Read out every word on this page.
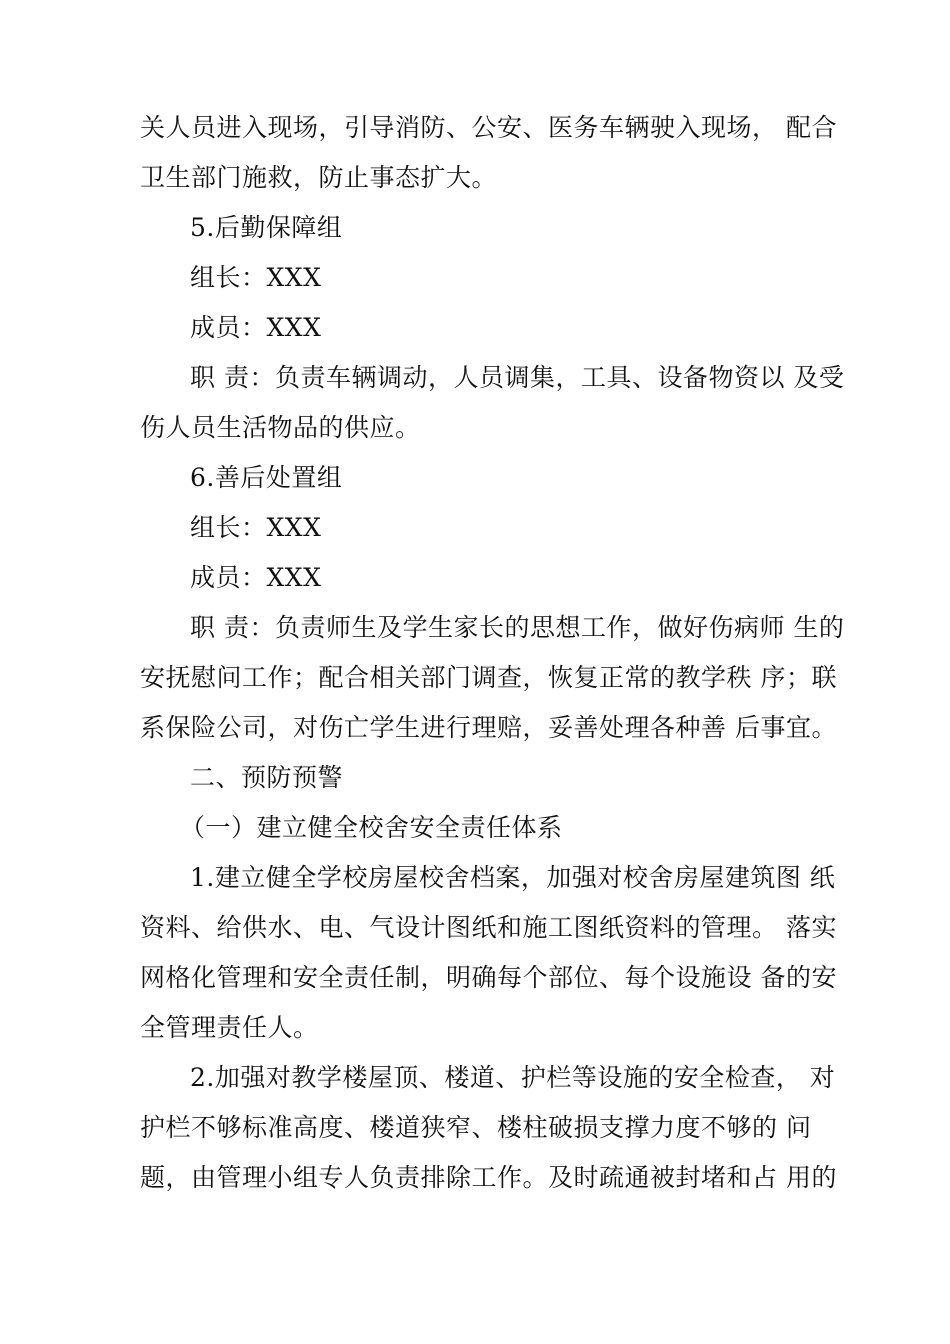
关人员进入现场，引导消防、公安、医务车辆驶入现场， 配合
卫生部门施救，防止事态扩大。
5.后勤保障组
组长：XXX
成员：XXX
职 责：负责车辆调动，人员调集，工具、设备物资以 及受
伤人员生活物品的供应。
6.善后处置组
组长：XXX
成员：XXX
职 责：负责师生及学生家长的思想工作，做好伤病师 生的
安抚慰问工作；配合相关部门调查，恢复正常的教学秩 序；联
系保险公司，对伤亡学生进行理赔，妥善处理各种善 后事宜。
二、预防预警
（一）建立健全校舍安全责任体系
1.建立健全学校房屋校舍档案，加强对校舍房屋建筑图 纸
资料、给供水、电、气设计图纸和施工图纸资料的管理。 落实
网格化管理和安全责任制，明确每个部位、每个设施设 备的安
全管理责任人。
2.加强对教学楼屋顶、楼道、护栏等设施的安全检查， 对
护栏不够标准高度、楼道狭窄、楼柱破损支撑力度不够的 问
题，由管理小组专人负责排除工作。及时疏通被封堵和占 用的
